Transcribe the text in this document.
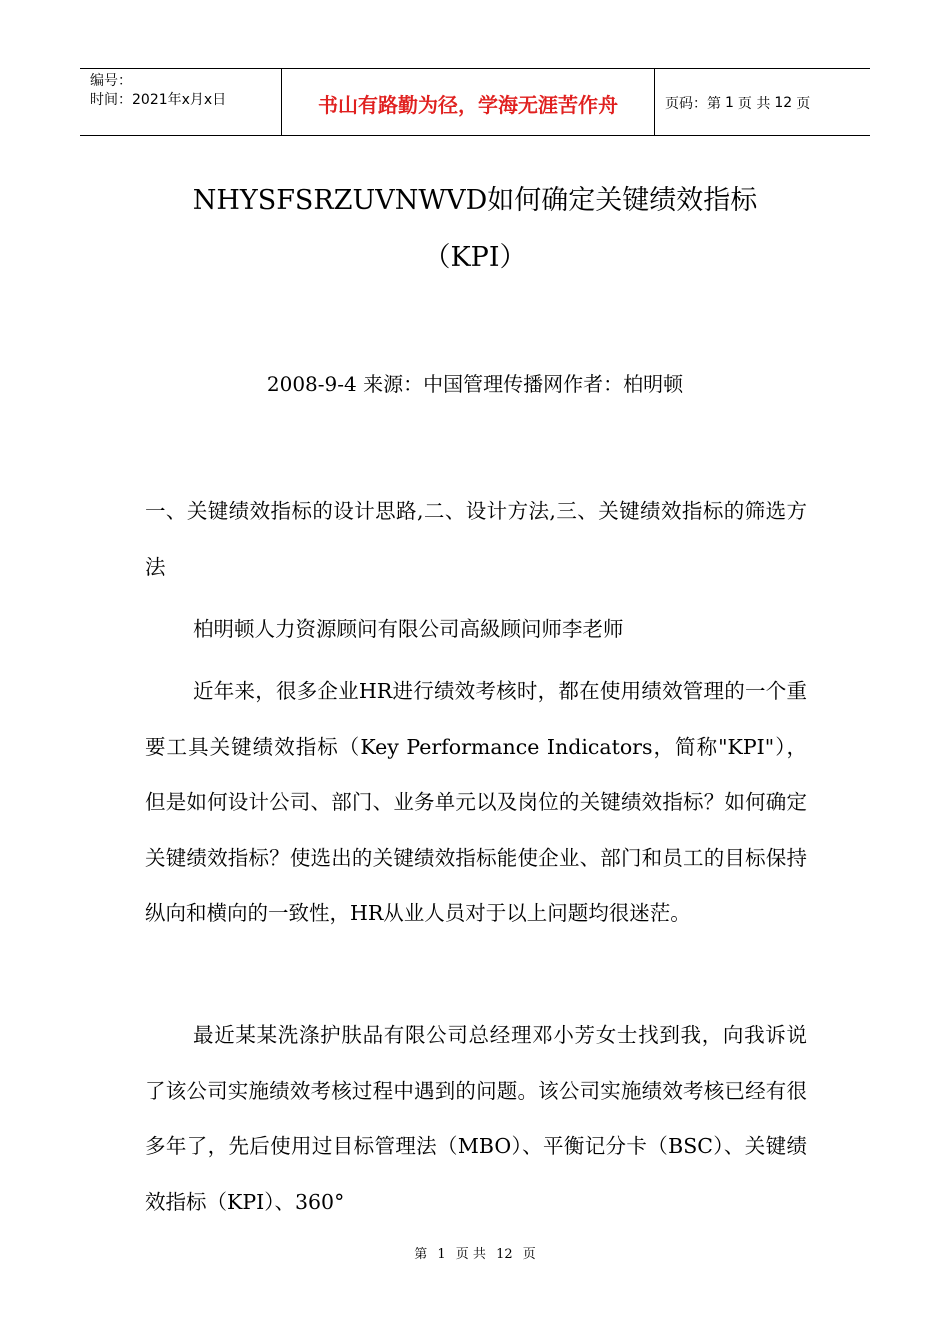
编号：
时间：2021年x月x日	书山有路勤为径，学海无涯苦作舟	页码：第 1 页 共 12 页
NHYSFSRZUVNWVD如何确定关键绩效指标
（KPI）
2008-9-4 来源：中国管理传播网作者：柏明顿
一、关键绩效指标的设计思路,二、设计方法,三、关键绩效指标的筛选方法
柏明顿人力资源顾问有限公司高級顾问师李老师
近年来，很多企业HR进行绩效考核时，都在使用绩效管理的一个重要工具关键绩效指标（Key Performance Indicators，简称"KPI"），但是如何设计公司、部门、业务单元以及岗位的关键绩效指标？如何确定关键绩效指标？使选出的关键绩效指标能使企业、部门和员工的目标保持纵向和横向的一致性，HR从业人员对于以上问题均很迷茫。
最近某某洗涤护肤品有限公司总经理邓小芳女士找到我，向我诉说了该公司实施绩效考核过程中遇到的问题。该公司实施绩效考核已经有很多年了，先后使用过目标管理法（MBO）、平衡记分卡（BSC）、关键绩效指标（KPI）、360°
第 1 页 共 12 页
